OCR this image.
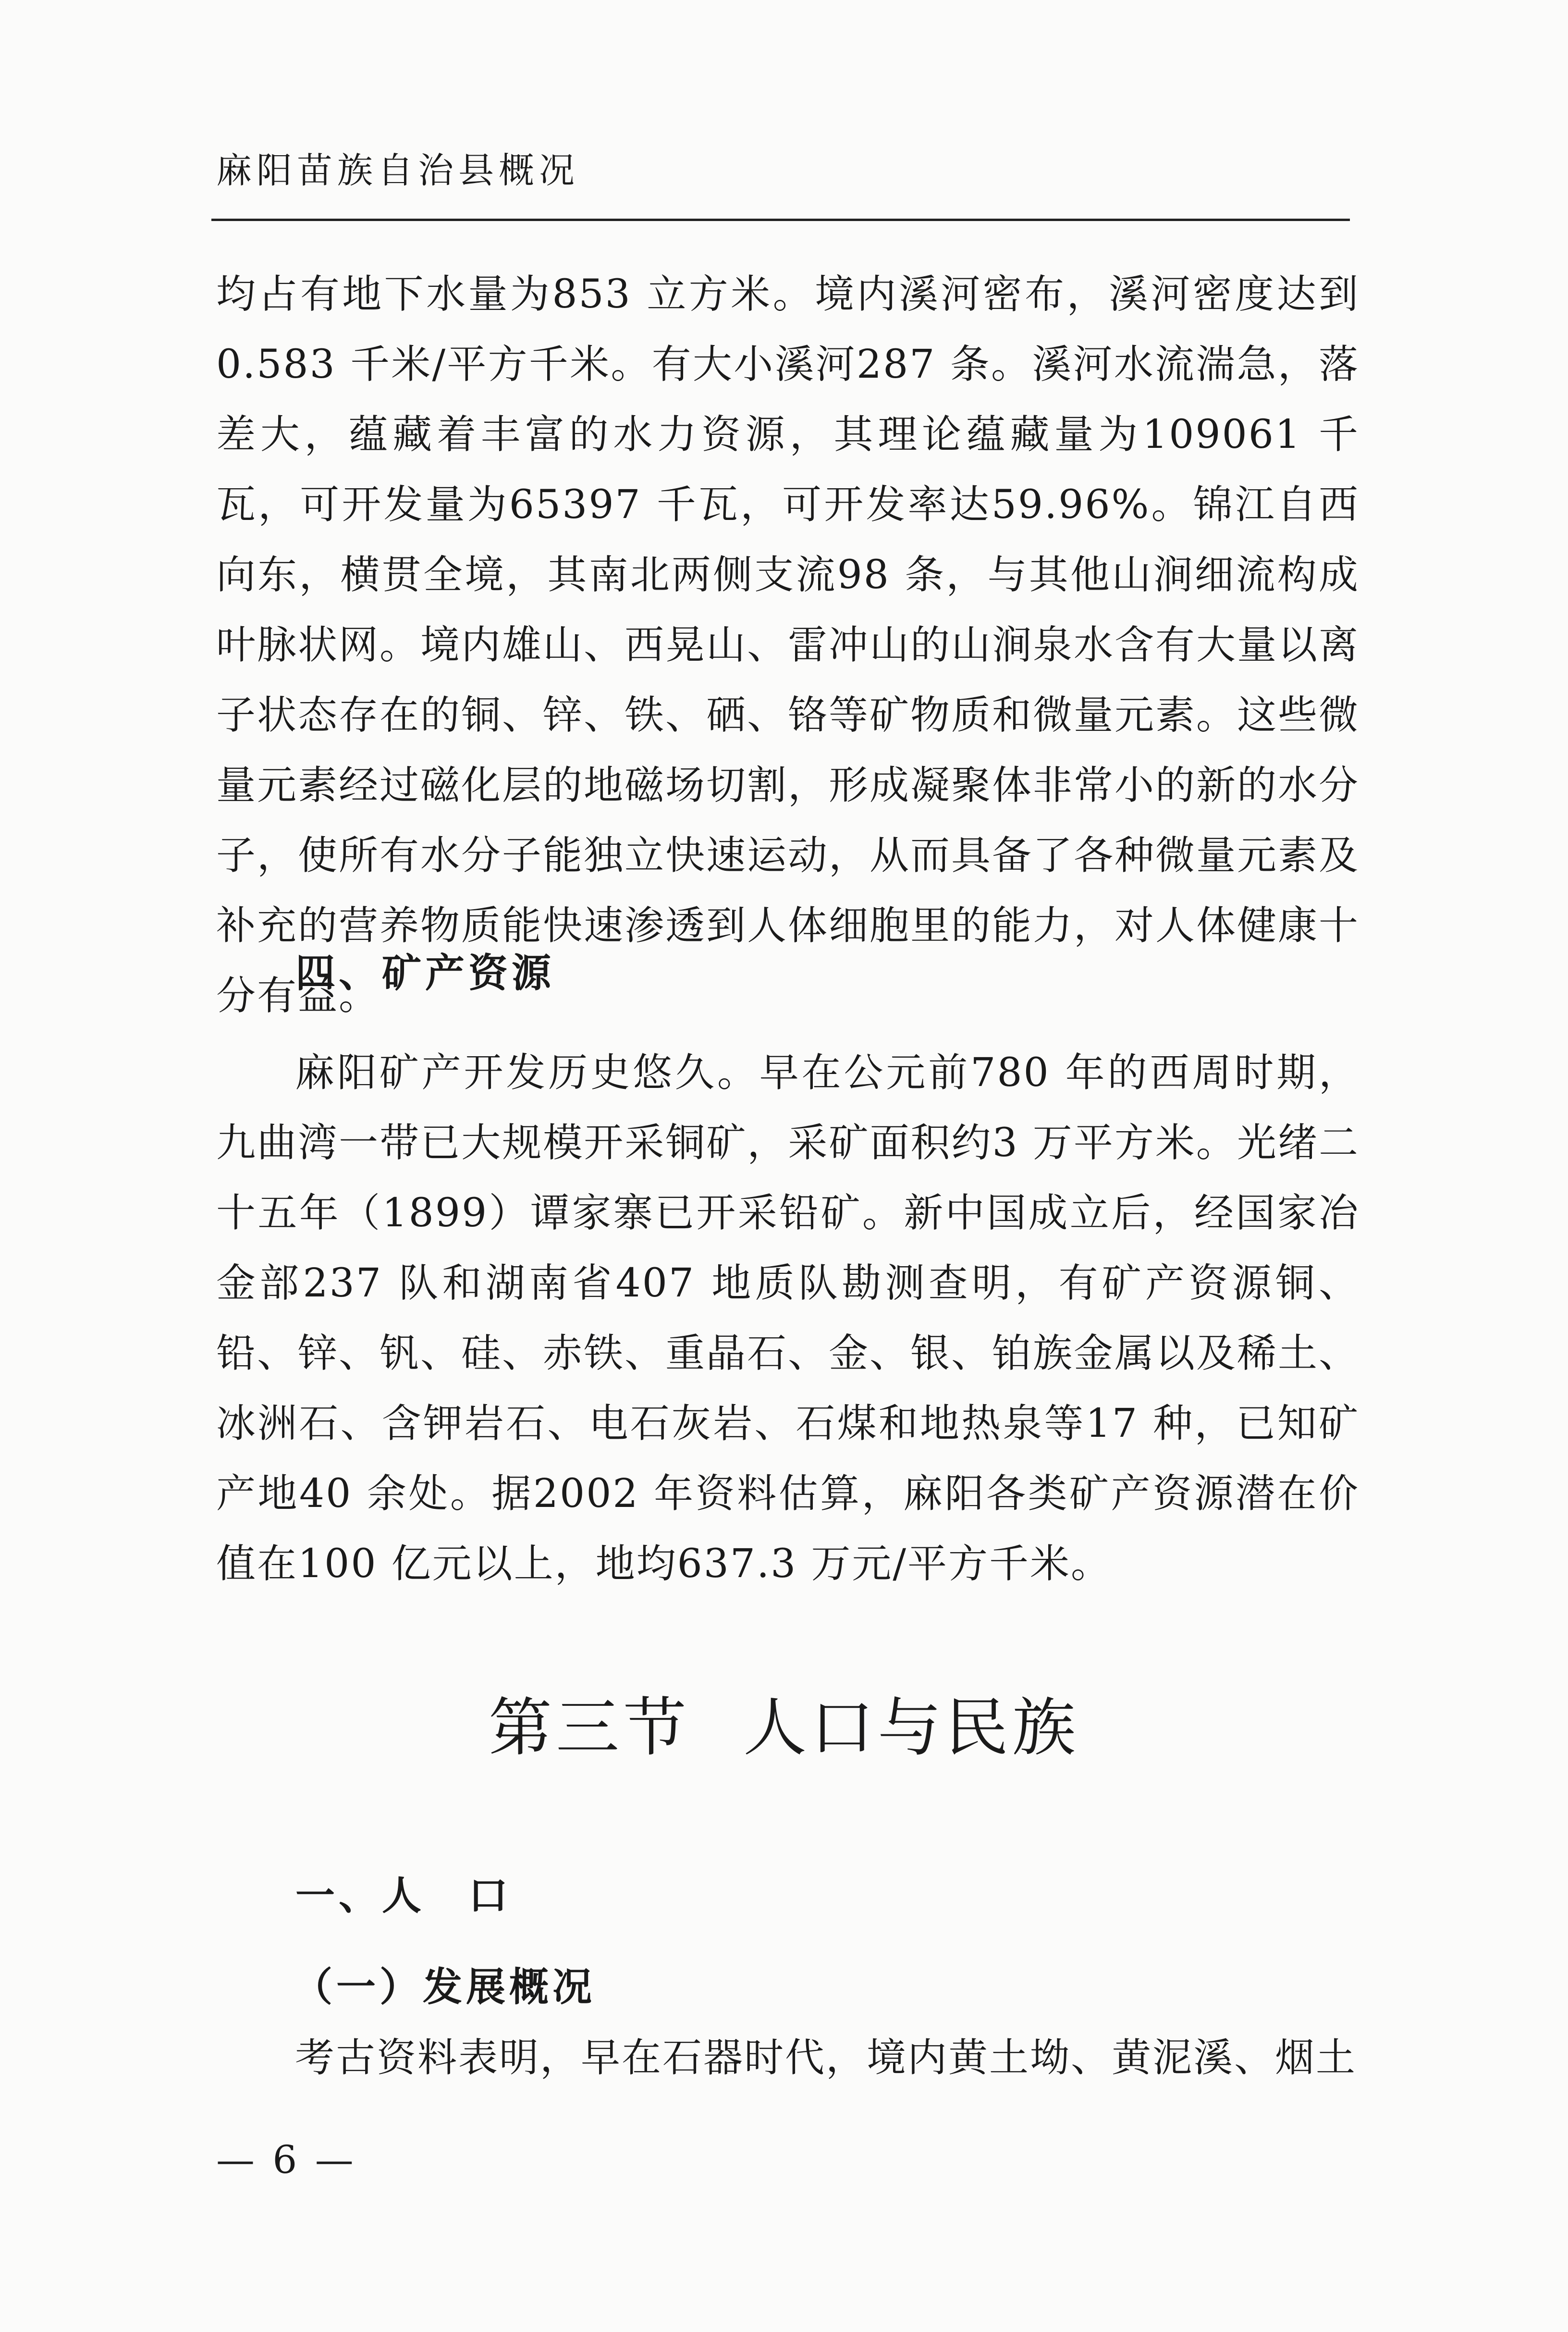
麻阳苗族自治县概况

均占有地下水量为853 立方米。境内溪河密布，溪河密度达到 0.583 千米/平方千米。有大小溪河287 条。溪河水流湍急，落差大，蕴藏着丰富的水力资源，其理论蕴藏量为109061 千瓦，可开发量为65397 千瓦，可开发率达59.96%。锦江自西向东，横贯全境，其南北两侧支流98 条，与其他山涧细流构成叶脉状网。境内雄山、西晃山、雷冲山的山涧泉水含有大量以离子状态存在的铜、锌、铁、硒、铬等矿物质和微量元素。这些微量元素经过磁化层的地磁场切割，形成凝聚体非常小的新的水分子，使所有水分子能独立快速运动，从而具备了各种微量元素及补充的营养物质能快速渗透到人体细胞里的能力，对人体健康十分有益。

四、矿产资源

麻阳矿产开发历史悠久。早在公元前780 年的西周时期，九曲湾一带已大规模开采铜矿，采矿面积约3 万平方米。光绪二十五年（1899）谭家寨已开采铅矿。新中国成立后，经国家冶金部237 队和湖南省407 地质队勘测查明，有矿产资源铜、铅、锌、钒、硅、赤铁、重晶石、金、银、铂族金属以及稀土、冰洲石、含钾岩石、电石灰岩、石煤和地热泉等17 种，已知矿产地40 余处。据2002 年资料估算，麻阳各类矿产资源潜在价值在100 亿元以上，地均637.3 万元/平方千米。

第三节 人口与民族
一、人 口
（一）发展概况

考古资料表明，早在石器时代，境内黄土坳、黄泥溪、烟土

— 6 —
